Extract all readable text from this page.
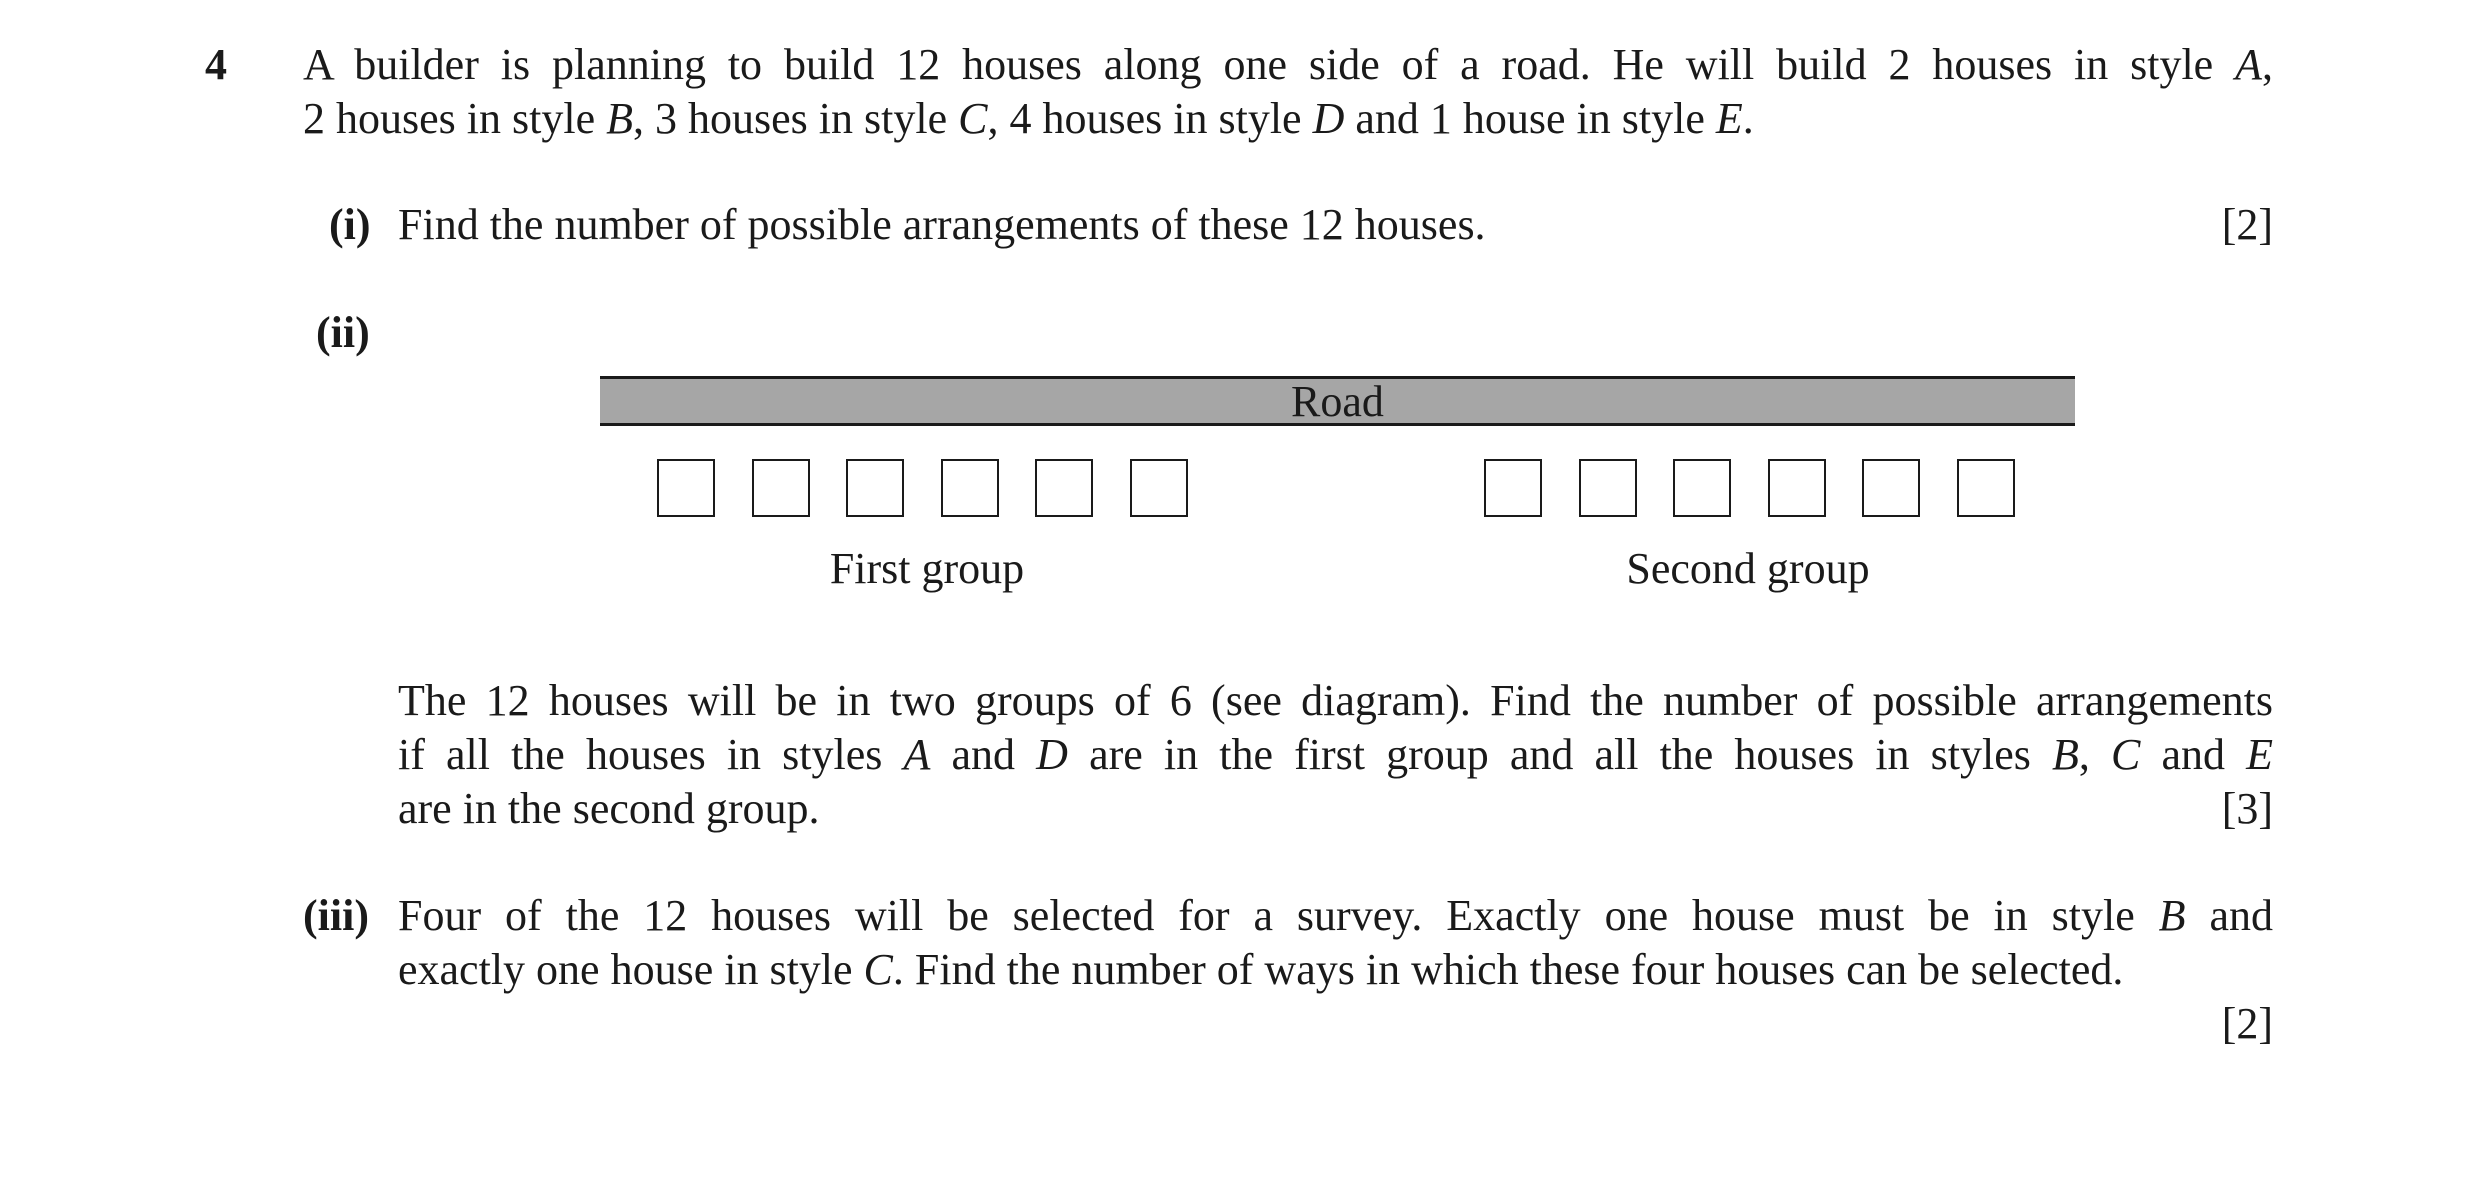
4 A builder is planning to build 12 houses along one side of a road. He will build 2 houses in style A,
2 houses in style B, 3 houses in style C, 4 houses in style D and 1 house in style E.
(i) Find the number of possible arrangements of these 12 houses.	[2]
(ii)
Road
First group	Second group
The 12 houses will be in two groups of 6 (see diagram). Find the number of possible arrangements
if all the houses in styles A and D are in the first group and all the houses in styles B, C and E
are in the second group.	[3]
(iii) Four of the 12 houses will be selected for a survey. Exactly one house must be in style B and
exactly one house in style C. Find the number of ways in which these four houses can be selected.
[2]
